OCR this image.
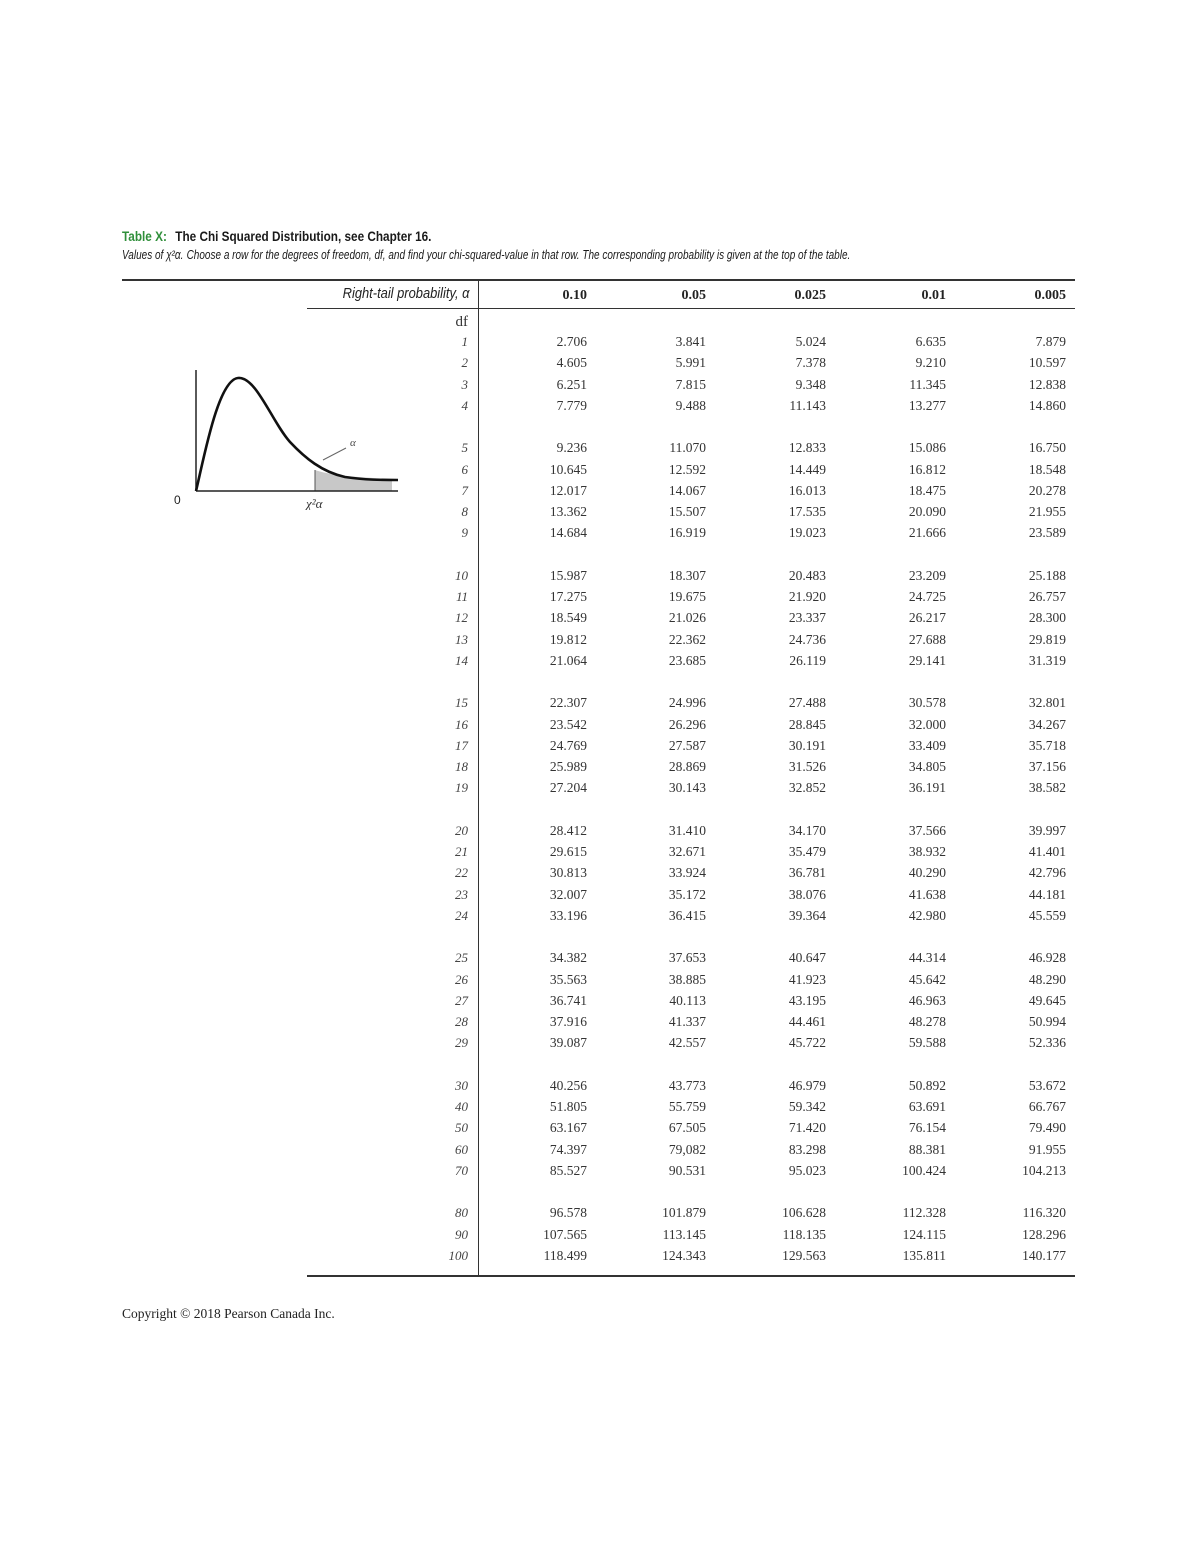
Table X: The Chi Squared Distribution, see Chapter 16.
Values of χ²α. Choose a row for the degrees of freedom, df, and find your chi-squared-value in that row. The corresponding probability is given at the top of the table.
Right-tail probability, α	0.10	0.05	0.025	0.01	0.005
df
1	2.706	3.841	5.024	6.635	7.879
2	4.605	5.991	7.378	9.210	10.597
3	6.251	7.815	9.348	11.345	12.838
4	7.779	9.488	11.143	13.277	14.860
5	9.236	11.070	12.833	15.086	16.750
6	10.645	12.592	14.449	16.812	18.548
7	12.017	14.067	16.013	18.475	20.278
8	13.362	15.507	17.535	20.090	21.955
9	14.684	16.919	19.023	21.666	23.589
10	15.987	18.307	20.483	23.209	25.188
11	17.275	19.675	21.920	24.725	26.757
12	18.549	21.026	23.337	26.217	28.300
13	19.812	22.362	24.736	27.688	29.819
14	21.064	23.685	26.119	29.141	31.319
15	22.307	24.996	27.488	30.578	32.801
16	23.542	26.296	28.845	32.000	34.267
17	24.769	27.587	30.191	33.409	35.718
18	25.989	28.869	31.526	34.805	37.156
19	27.204	30.143	32.852	36.191	38.582
20	28.412	31.410	34.170	37.566	39.997
21	29.615	32.671	35.479	38.932	41.401
22	30.813	33.924	36.781	40.290	42.796
23	32.007	35.172	38.076	41.638	44.181
24	33.196	36.415	39.364	42.980	45.559
25	34.382	37.653	40.647	44.314	46.928
26	35.563	38.885	41.923	45.642	48.290
27	36.741	40.113	43.195	46.963	49.645
28	37.916	41.337	44.461	48.278	50.994
29	39.087	42.557	45.722	59.588	52.336
30	40.256	43.773	46.979	50.892	53.672
40	51.805	55.759	59.342	63.691	66.767
50	63.167	67.505	71.420	76.154	79.490
60	74.397	79,082	83.298	88.381	91.955
70	85.527	90.531	95.023	100.424	104.213
80	96.578	101.879	106.628	112.328	116.320
90	107.565	113.145	118.135	124.115	128.296
100	118.499	124.343	129.563	135.811	140.177
α
χ²α
0
Copyright © 2018 Pearson Canada Inc.
